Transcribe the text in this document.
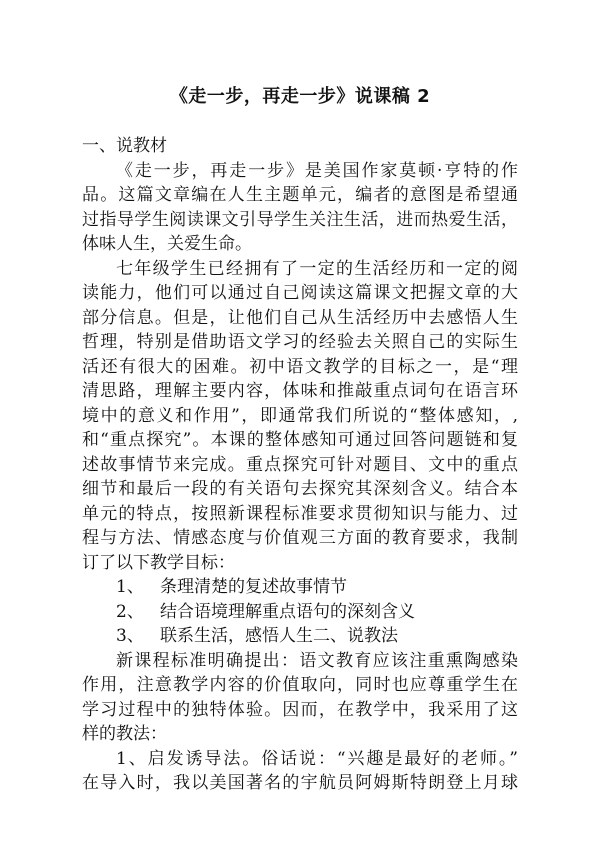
《走一步，再走一步》说课稿 2
一、说教材
《走一步，再走一步》是美国作家莫顿·亨特的作
品。这篇文章编在人生主题单元，编者的意图是希望通
过指导学生阅读课文引导学生关注生活，进而热爱生活，
体味人生，关爱生命。
七年级学生已经拥有了一定的生活经历和一定的阅
读能力，他们可以通过自己阅读这篇课文把握文章的大
部分信息。但是，让他们自己从生活经历中去感悟人生
哲理，特别是借助语文学习的经验去关照自己的实际生
活还有很大的困难。初中语文教学的目标之一，是“理
清思路，理解主要内容，体味和推敲重点词句在语言环
境中的意义和作用”，即通常我们所说的“整体感知，,
和“重点探究”。本课的整体感知可通过回答问题链和复
述故事情节来完成。重点探究可针对题目、文中的重点
细节和最后一段的有关语句去探究其深刻含义。结合本
单元的特点，按照新课程标准要求贯彻知识与能力、过
程与方法、情感态度与价值观三方面的教育要求，我制
订了以下教学目标：
1、   条理清楚的复述故事情节
2、   结合语境理解重点语句的深刻含义
3、   联系生活，感悟人生二、说教法
新课程标准明确提出：语文教育应该注重熏陶感染
作用，注意教学内容的价值取向，同时也应尊重学生在
学习过程中的独特体验。因而，在教学中，我采用了这
样的教法：
1、启发诱导法。俗话说：“兴趣是最好的老师。”
在导入时，我以美国著名的宇航员阿姆斯特朗登上月球
